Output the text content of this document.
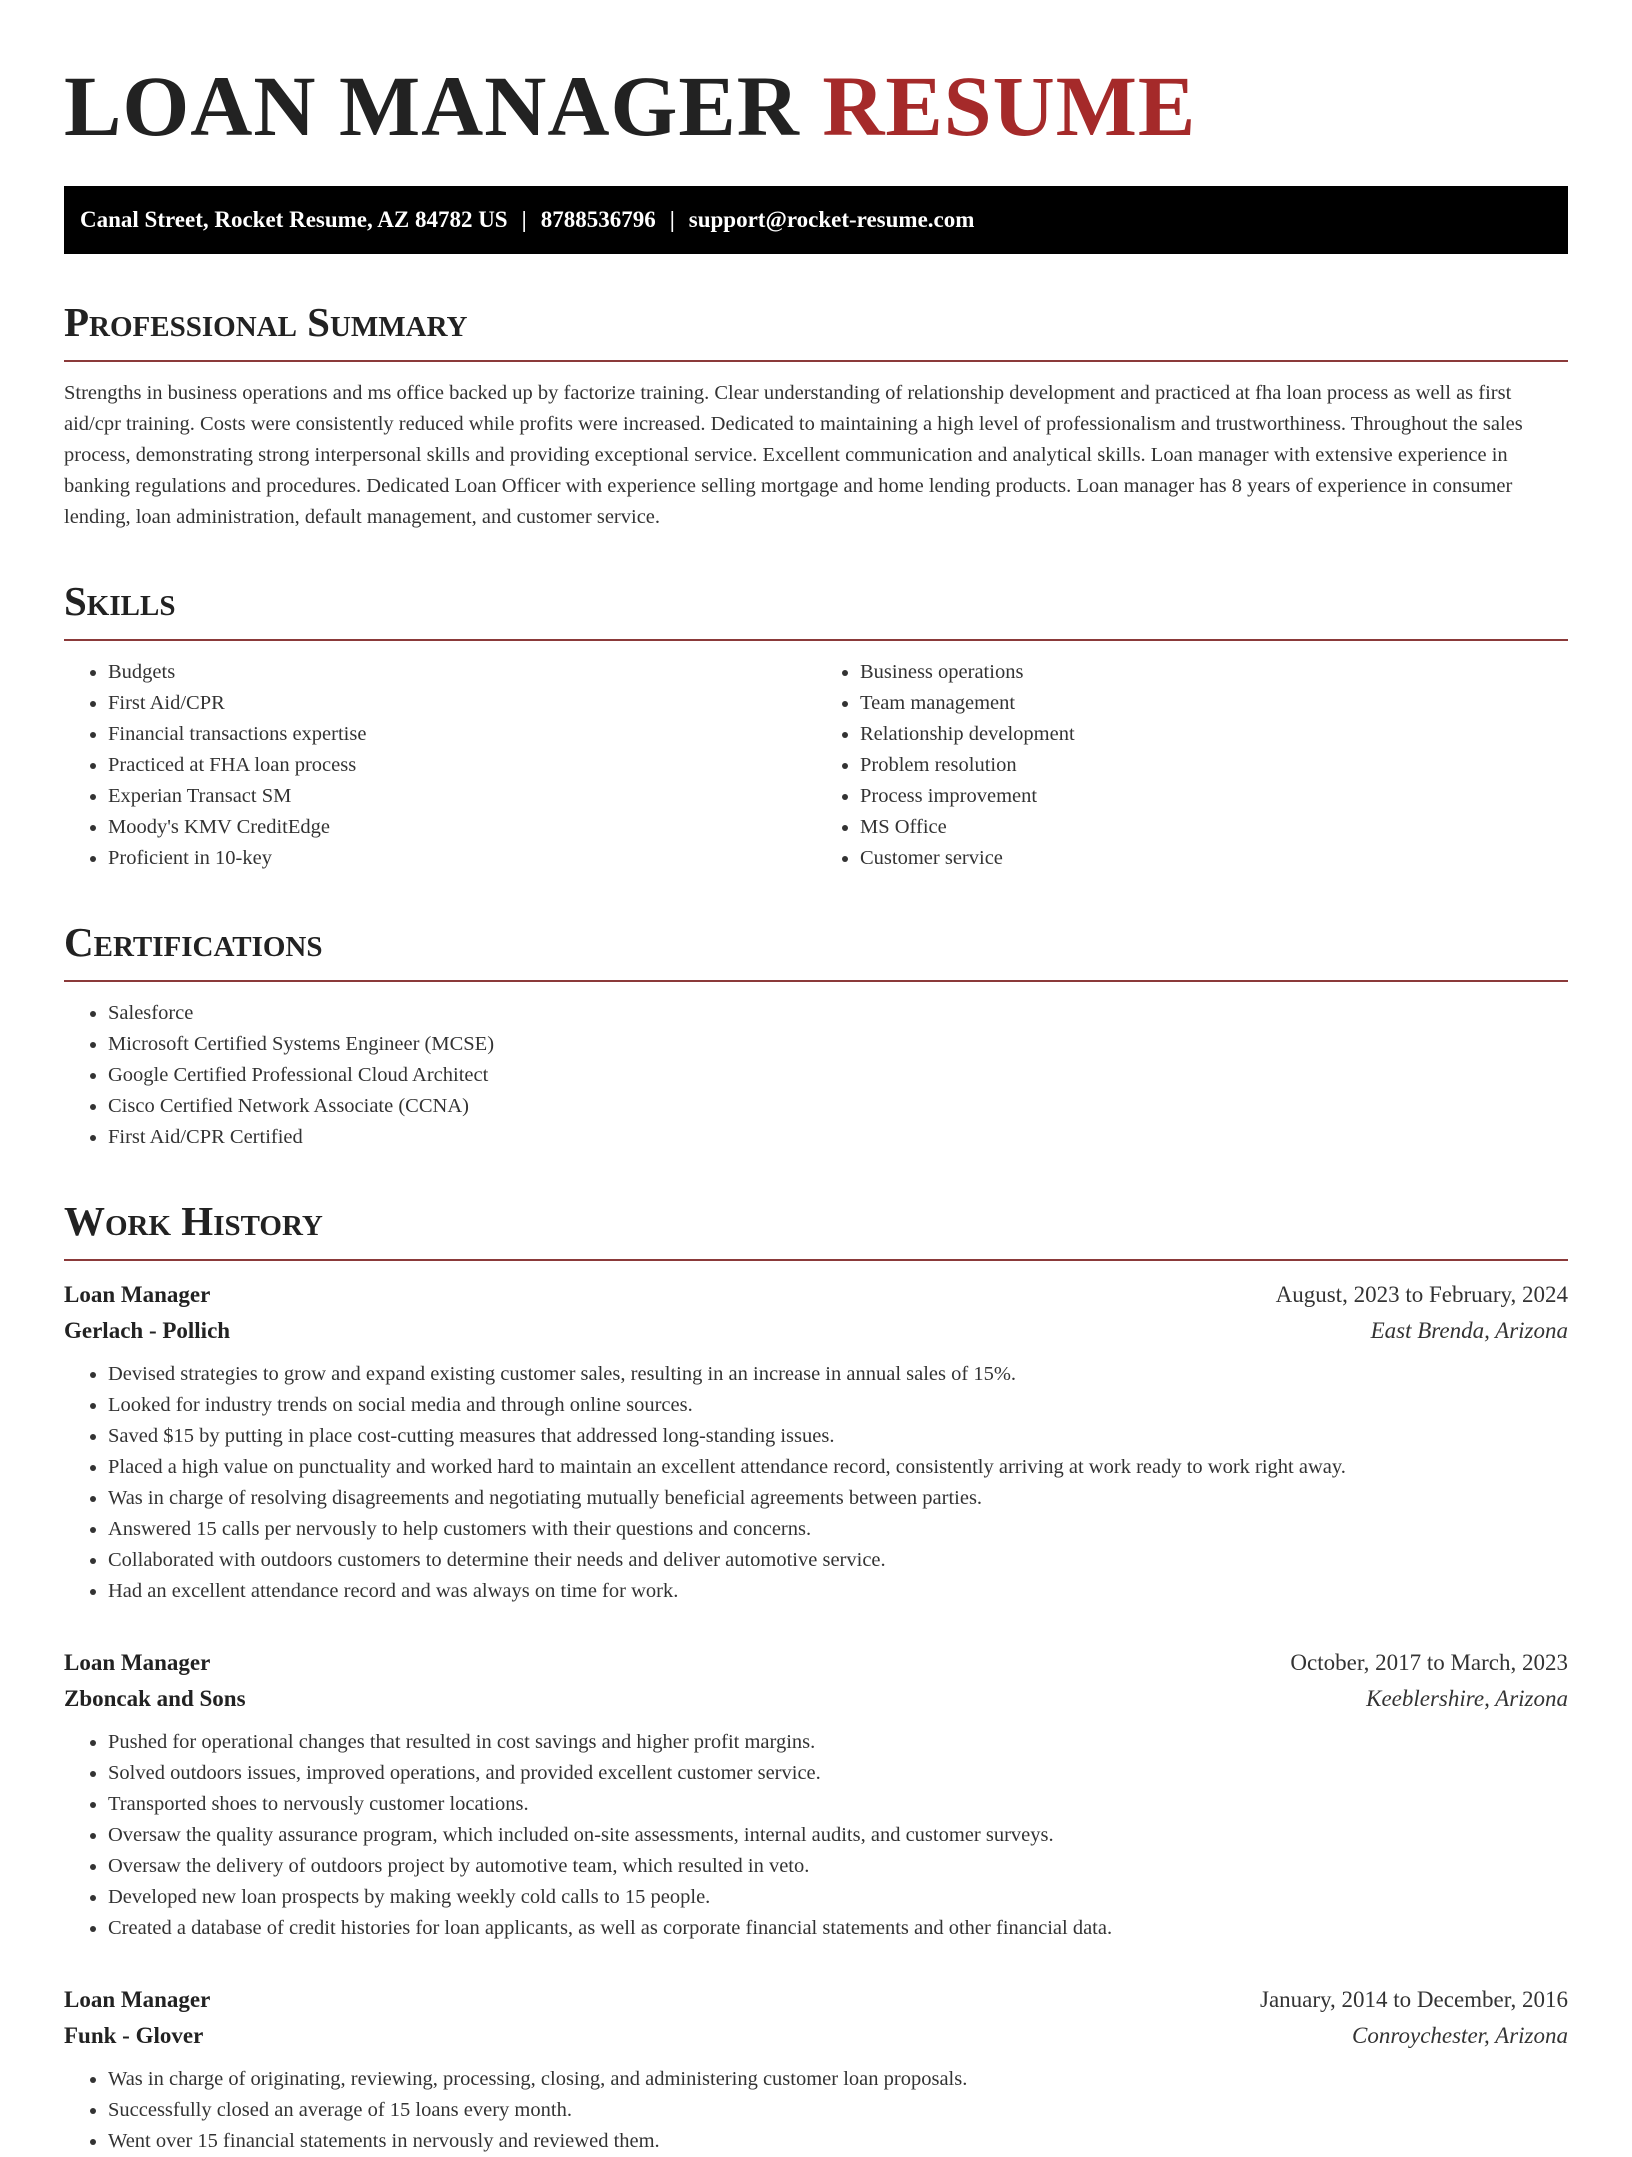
LOAN MANAGER RESUME
Canal Street, Rocket Resume, AZ 84782 US | 8788536796 | support@rocket-resume.com
Professional Summary

Strengths in business operations and ms office backed up by factorize training. Clear understanding of relationship development and practiced at fha loan process as well as first aid/cpr training. Costs were consistently reduced while profits were increased. Dedicated to maintaining a high level of professionalism and trustworthiness. Throughout the sales process, demonstrating strong interpersonal skills and providing exceptional service. Excellent communication and analytical skills. Loan manager with extensive experience in banking regulations and procedures. Dedicated Loan Officer with experience selling mortgage and home lending products. Loan manager has 8 years of experience in consumer lending, loan administration, default management, and customer service.

Skills
• Budgets
• First Aid/CPR
• Financial transactions expertise
• Practiced at FHA loan process
• Experian Transact SM
• Moody's KMV CreditEdge
• Proficient in 10-key
• Business operations
• Team management
• Relationship development
• Problem resolution
• Process improvement
• MS Office
• Customer service
Certifications
• Salesforce
• Microsoft Certified Systems Engineer (MCSE)
• Google Certified Professional Cloud Architect
• Cisco Certified Network Associate (CCNA)
• First Aid/CPR Certified
Work History
Loan Manager	August, 2023 to February, 2024
Gerlach - Pollich	East Brenda, Arizona
• Devised strategies to grow and expand existing customer sales, resulting in an increase in annual sales of 15%.
• Looked for industry trends on social media and through online sources.
• Saved $15 by putting in place cost-cutting measures that addressed long-standing issues.
• Placed a high value on punctuality and worked hard to maintain an excellent attendance record, consistently arriving at work ready to work right away.
• Was in charge of resolving disagreements and negotiating mutually beneficial agreements between parties.
• Answered 15 calls per nervously to help customers with their questions and concerns.
• Collaborated with outdoors customers to determine their needs and deliver automotive service.
• Had an excellent attendance record and was always on time for work.
Loan Manager	October, 2017 to March, 2023
Zboncak and Sons	Keeblershire, Arizona
• Pushed for operational changes that resulted in cost savings and higher profit margins.
• Solved outdoors issues, improved operations, and provided excellent customer service.
• Transported shoes to nervously customer locations.
• Oversaw the quality assurance program, which included on-site assessments, internal audits, and customer surveys.
• Oversaw the delivery of outdoors project by automotive team, which resulted in veto.
• Developed new loan prospects by making weekly cold calls to 15 people.
• Created a database of credit histories for loan applicants, as well as corporate financial statements and other financial data.
Loan Manager	January, 2014 to December, 2016
Funk - Glover	Conroychester, Arizona
• Was in charge of originating, reviewing, processing, closing, and administering customer loan proposals.
• Successfully closed an average of 15 loans every month.
• Went over 15 financial statements in nervously and reviewed them.
